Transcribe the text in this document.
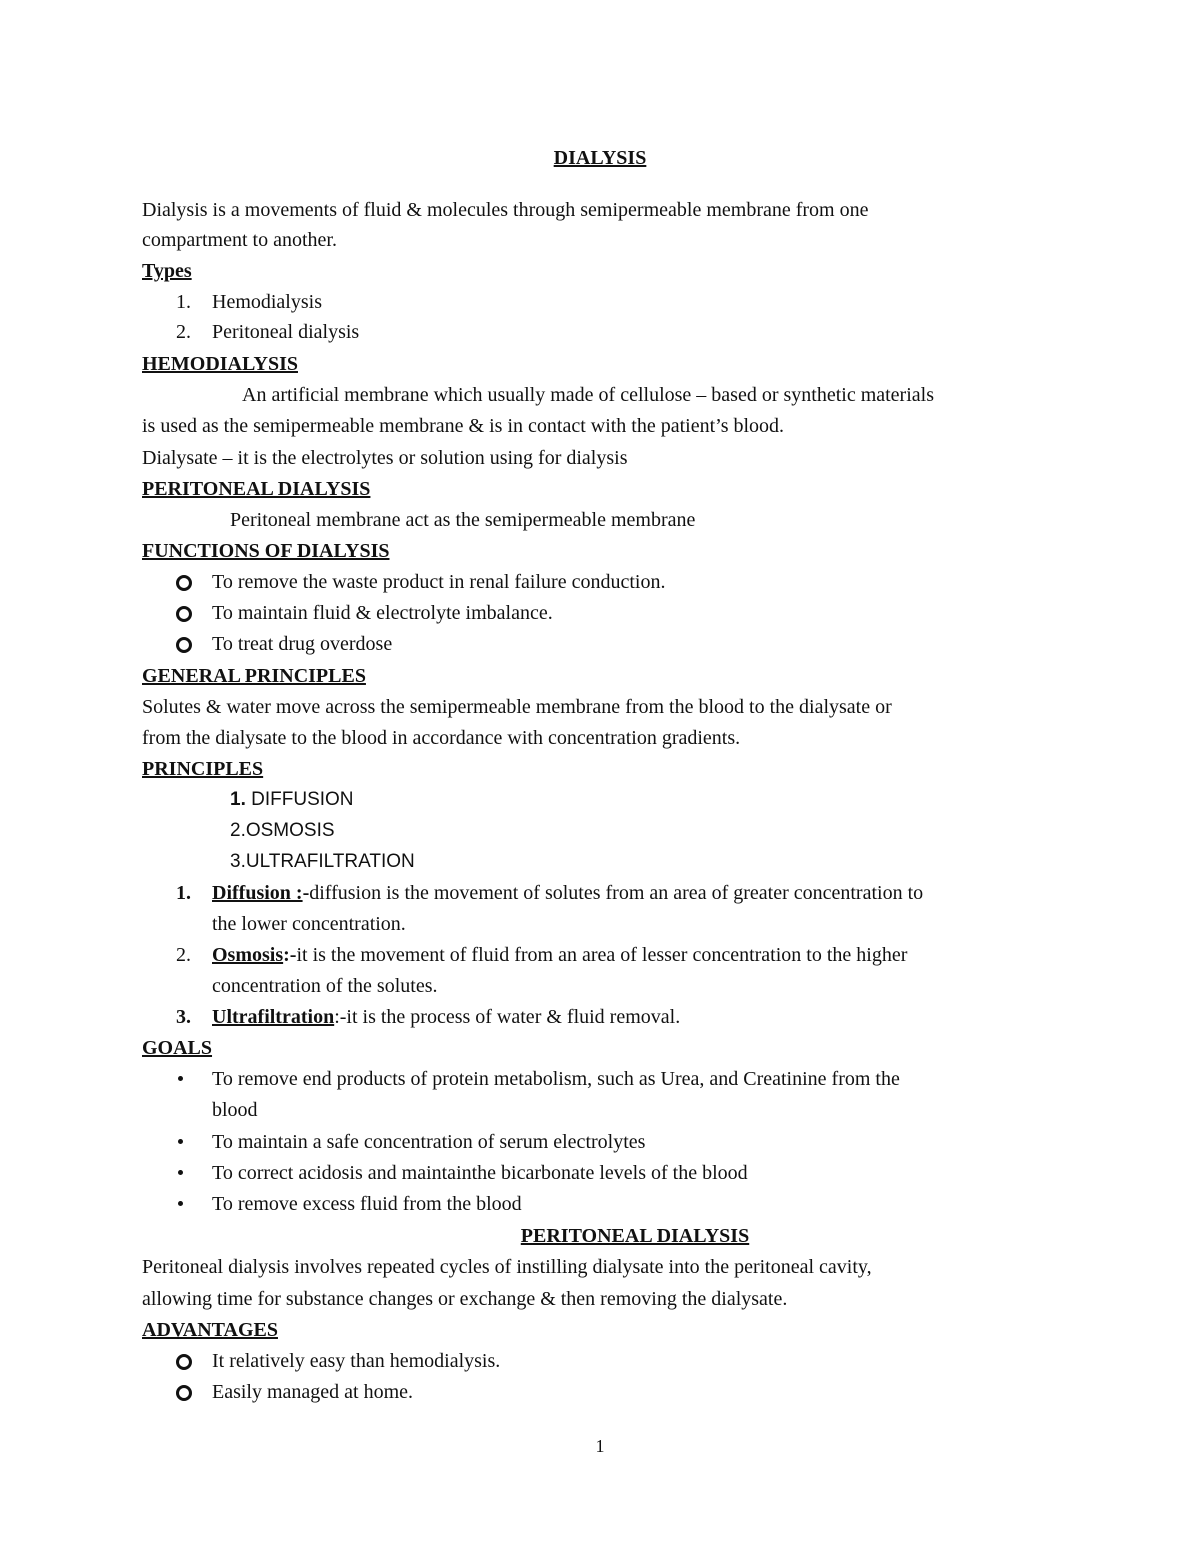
DIALYSIS
Dialysis is a movements of fluid & molecules through semipermeable membrane from one
compartment to another.
Types
1. Hemodialysis
2. Peritoneal dialysis
HEMODIALYSIS
An artificial membrane which usually made of cellulose – based or synthetic materials
is used as the semipermeable membrane & is in contact with the patient’s blood.
Dialysate – it is the electrolytes or solution using for dialysis
PERITONEAL DIALYSIS
Peritoneal membrane act as the semipermeable membrane
FUNCTIONS OF DIALYSIS
To remove the waste product in renal failure conduction.
To maintain fluid & electrolyte imbalance.
To treat drug overdose
GENERAL PRINCIPLES
Solutes & water move across the semipermeable membrane from the blood to the dialysate or
from the dialysate to the blood in accordance with concentration gradients.
PRINCIPLES
1. DIFFUSION
2.OSMOSIS
3.ULTRAFILTRATION
1. Diffusion :-diffusion is the movement of solutes from an area of greater concentration to
the lower concentration.
2. Osmosis:-it is the movement of fluid from an area of lesser concentration to the higher
concentration of the solutes.
3. Ultrafiltration:-it is the process of water & fluid removal.
GOALS
To remove end products of protein metabolism, such as Urea, and Creatinine from the
blood
To maintain a safe concentration of serum electrolytes
To correct acidosis and maintainthe bicarbonate levels of the blood
To remove excess fluid from the blood
PERITONEAL DIALYSIS
Peritoneal dialysis involves repeated cycles of instilling dialysate into the peritoneal cavity,
allowing time for substance changes or exchange & then removing the dialysate.
ADVANTAGES
It relatively easy than hemodialysis.
Easily managed at home.
1
